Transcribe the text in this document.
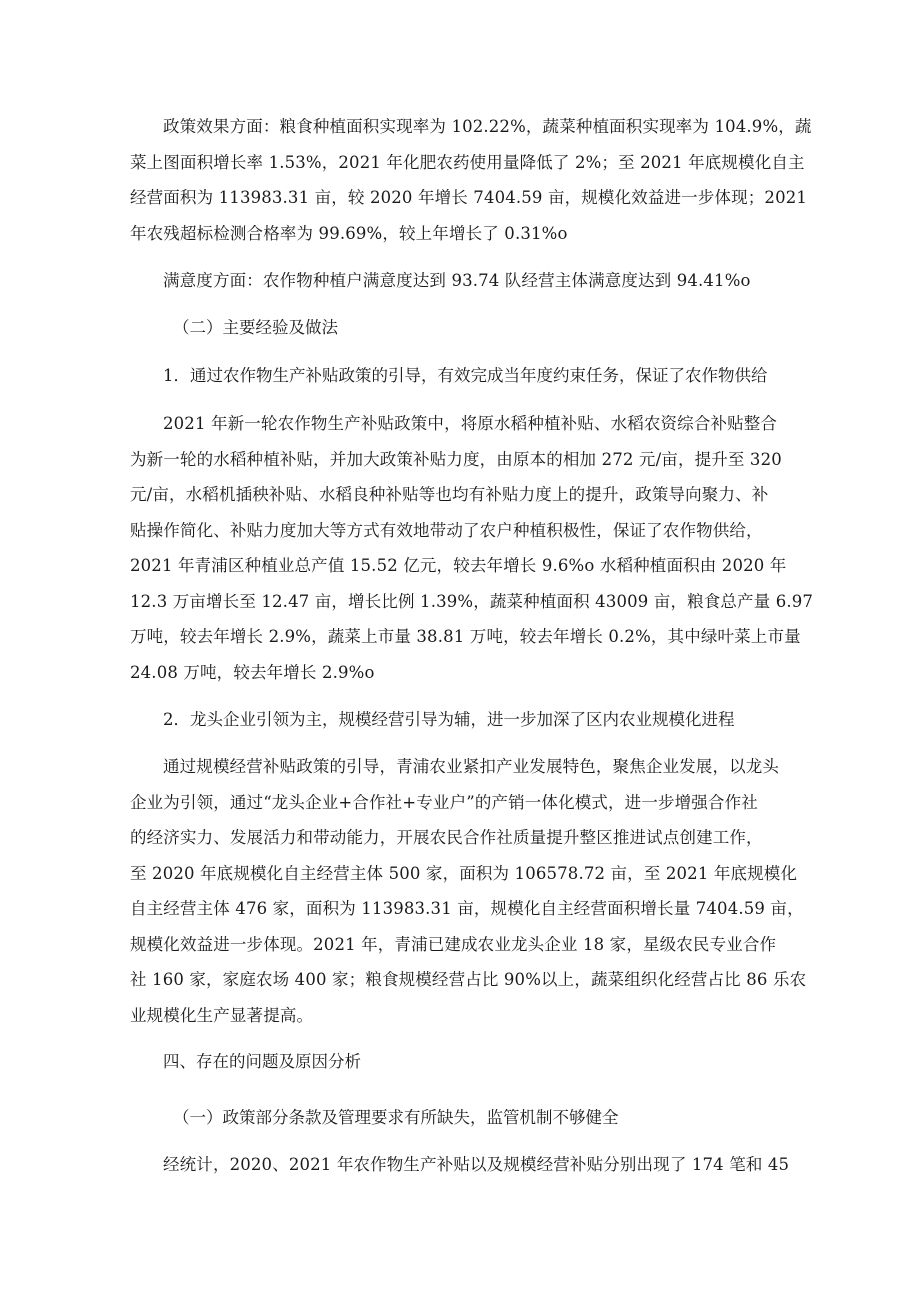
政策效果方面：粮食种植面积实现率为 102.22%，蔬菜种植面积实现率为 104.9%，蔬
菜上图面积增长率 1.53%，2021 年化肥农药使用量降低了 2%；至 2021 年底规模化自主
经营面积为 113983.31 亩，较 2020 年增长 7404.59 亩，规模化效益进一步体现；2021
年农残超标检测合格率为 99.69%，较上年增长了 0.31%o
满意度方面：农作物种植户满意度达到 93.74 队经营主体满意度达到 94.41%o
（二）主要经验及做法
1．通过农作物生产补贴政策的引导，有效完成当年度约束任务，保证了农作物供给
2021 年新一轮农作物生产补贴政策中，将原水稻种植补贴、水稻农资综合补贴整合
为新一轮的水稻种植补贴，并加大政策补贴力度，由原本的相加 272 元/亩，提升至 320
元/亩，水稻机插秧补贴、水稻良种补贴等也均有补贴力度上的提升，政策导向聚力、补
贴操作简化、补贴力度加大等方式有效地带动了农户种植积极性，保证了农作物供给，
2021 年青浦区种植业总产值 15.52 亿元，较去年增长 9.6%o 水稻种植面积由 2020 年
12.3 万亩增长至 12.47 亩，增长比例 1.39%，蔬菜种植面积 43009 亩，粮食总产量 6.97
万吨，较去年增长 2.9%，蔬菜上市量 38.81 万吨，较去年增长 0.2%，其中绿叶菜上市量
24.08 万吨，较去年增长 2.9%o
2．龙头企业引领为主，规模经营引导为辅，进一步加深了区内农业规模化进程
通过规模经营补贴政策的引导，青浦农业紧扣产业发展特色，聚焦企业发展，以龙头
企业为引领，通过“龙头企业+合作社+专业户”的产销一体化模式，进一步增强合作社
的经济实力、发展活力和带动能力，开展农民合作社质量提升整区推进试点创建工作，
至 2020 年底规模化自主经营主体 500 家，面积为 106578.72 亩，至 2021 年底规模化
自主经营主体 476 家，面积为 113983.31 亩，规模化自主经营面积增长量 7404.59 亩，
规模化效益进一步体现。2021 年，青浦已建成农业龙头企业 18 家，星级农民专业合作
社 160 家，家庭农场 400 家；粮食规模经营占比 90%以上，蔬菜组织化经营占比 86 乐农
业规模化生产显著提高。
四、存在的问题及原因分析
（一）政策部分条款及管理要求有所缺失，监管机制不够健全
经统计，2020、2021 年农作物生产补贴以及规模经营补贴分别出现了 174 笔和 45
